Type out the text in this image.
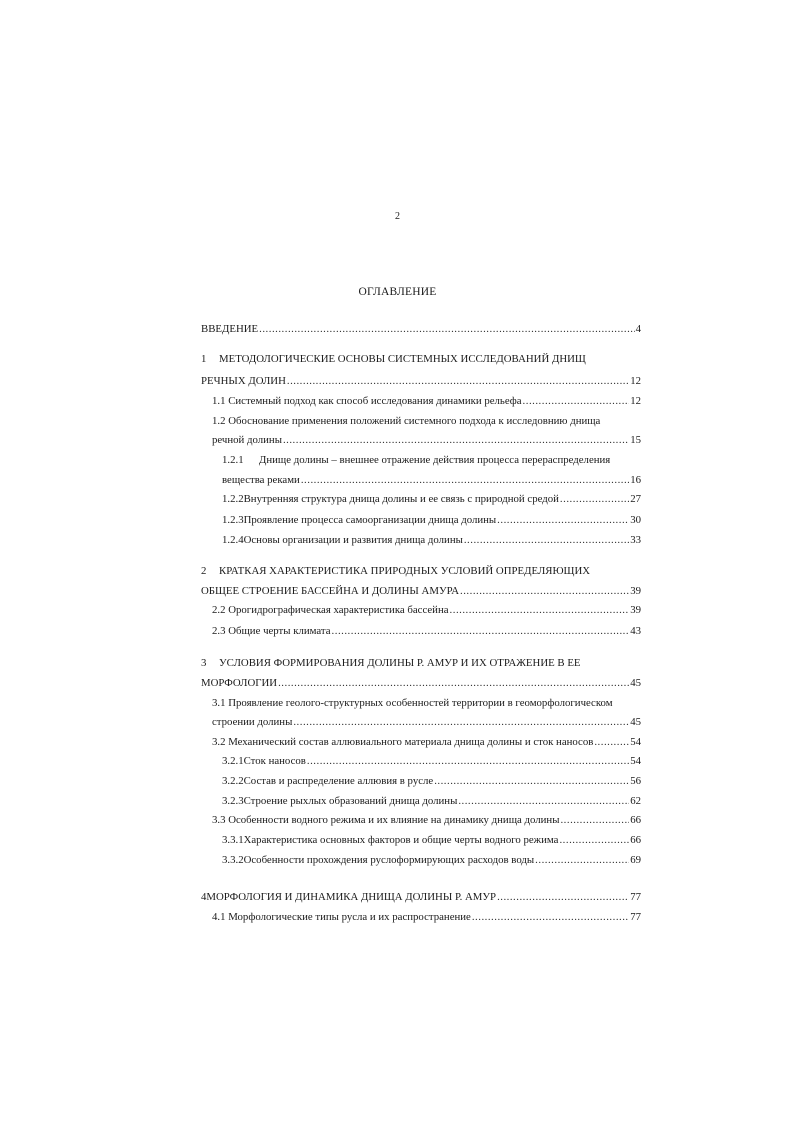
2
ОГЛАВЛЕНИЕ
ВВЕДЕНИЕ .....	4
1 МЕТОДОЛОГИЧЕСКИЕ ОСНОВЫ СИСТЕМНЫХ ИССЛЕДОВАНИЙ ДНИЩ
РЕЧНЫХ ДОЛИН .....	12
1.1 Системный подход как способ исследования динамики рельефа .....	12
1.2 Обоснование применения положений системного подхода к исследовнию днища
речной долины .....	15
1.2.1 Днище долины – внешнее отражение действия процесса перераспределения
вещества реками .....	16
1.2.2 Внутренняя структура днища долины и ее связь с природной средой .....	27
1.2.3 Проявление процесса самоорганизации днища долины .....	30
1.2.4 Основы организации и развития днища долины .....	33
2 КРАТКАЯ ХАРАКТЕРИСТИКА ПРИРОДНЫХ УСЛОВИЙ ОПРЕДЕЛЯЮЩИХ
ОБЩЕЕ СТРОЕНИЕ БАССЕЙНА И ДОЛИНЫ АМУРА .....	39
2.2 Орогидрографическая характеристика бассейна .....	39
2.3 Общие черты климата .....	43
3 УСЛОВИЯ ФОРМИРОВАНИЯ ДОЛИНЫ Р. АМУР И ИХ ОТРАЖЕНИЕ В ЕЕ
МОРФОЛОГИИ .....	45
3.1 Проявление геолого-структурных особенностей территории в геоморфологическом
строении долины .....	45
3.2 Механический состав аллювиального материала днища долины и сток наносов .....	54
3.2.1 Сток наносов .....	54
3.2.2 Состав и распределение аллювия в русле .....	56
3.2.3 Строение рыхлых образований днища долины .....	62
3.3 Особенности водного режима и их влияние на динамику днища долины .....	66
3.3.1 Характеристика основных факторов и общие черты водного режима .....	66
3.3.2 Особенности прохождения руслоформирующих расходов воды .....	69
4 МОРФОЛОГИЯ И ДИНАМИКА ДНИЩА ДОЛИНЫ Р. АМУР .....	77
4.1 Морфологические типы русла и их распространение .....	77
